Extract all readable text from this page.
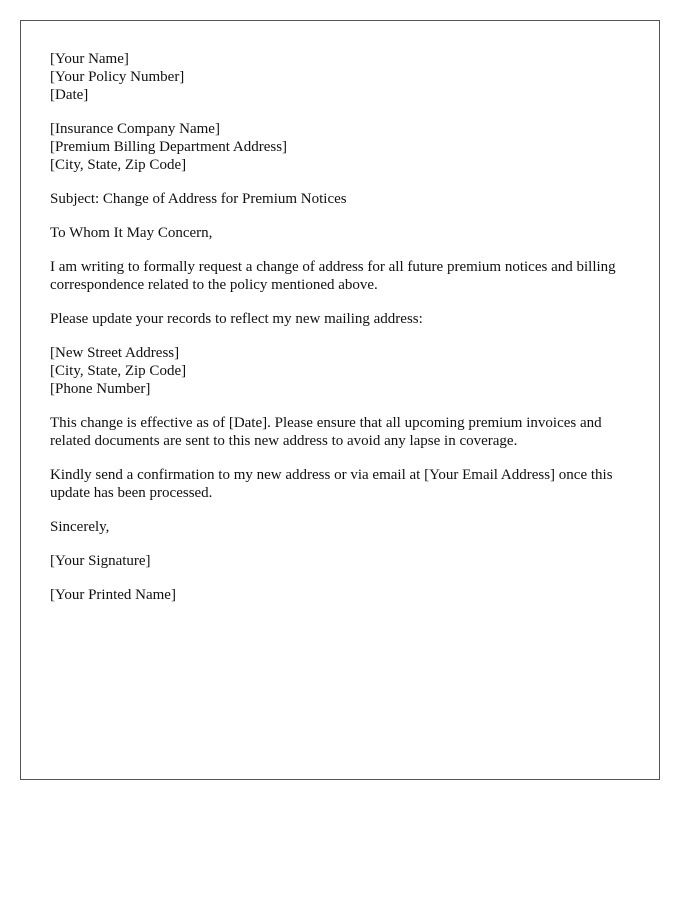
[Your Name]
[Your Policy Number]
[Date]
[Insurance Company Name]
[Premium Billing Department Address]
[City, State, Zip Code]

Subject: Change of Address for Premium Notices

To Whom It May Concern,

I am writing to formally request a change of address for all future premium notices and billing correspondence related to the policy mentioned above.

Please update your records to reflect my new mailing address:

[New Street Address]
[City, State, Zip Code]
[Phone Number]

This change is effective as of [Date]. Please ensure that all upcoming premium invoices and related documents are sent to this new address to avoid any lapse in coverage.

Kindly send a confirmation to my new address or via email at [Your Email Address] once this update has been processed.

Sincerely,

[Your Signature]

[Your Printed Name]
